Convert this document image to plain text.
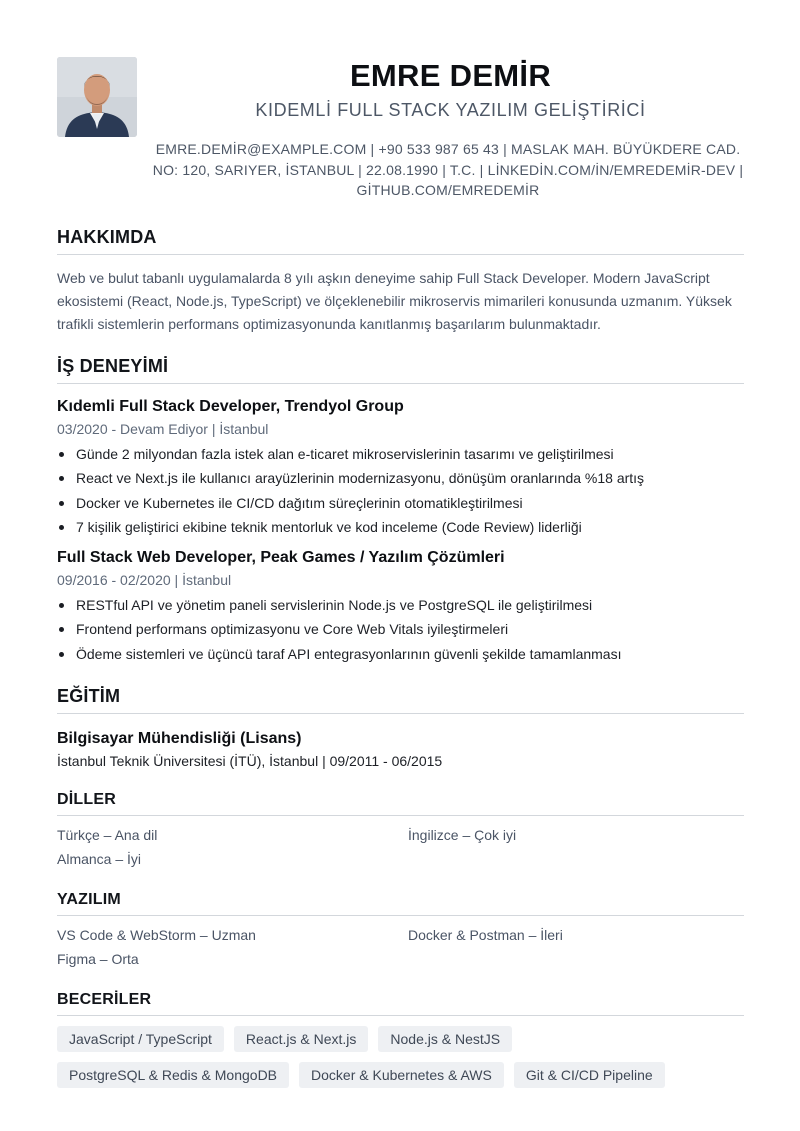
EMRE DEMİR
KIDEMLİ FULL STACK YAZILIM GELİŞTİRİCİ
EMRE.DEMİR@EXAMPLE.COM | +90 533 987 65 43 | MASLAK MAH. BÜYÜKDERE CAD. NO: 120, SARIYER, İSTANBUL | 22.08.1990 | T.C. | LİNKEDİN.COM/İN/EMREDEMİR-DEV | GİTHUB.COM/EMREDEMİR
HAKKIMDA
Web ve bulut tabanlı uygulamalarda 8 yılı aşkın deneyime sahip Full Stack Developer. Modern JavaScript ekosistemi (React, Node.js, TypeScript) ve ölçeklenebilir mikroservis mimarileri konusunda uzmanım. Yüksek trafikli sistemlerin performans optimizasyonunda kanıtlanmış başarılarım bulunmaktadır.
İŞ DENEYİMİ
Kıdemli Full Stack Developer, Trendyol Group
03/2020 - Devam Ediyor | İstanbul
Günde 2 milyondan fazla istek alan e-ticaret mikroservislerinin tasarımı ve geliştirilmesi
React ve Next.js ile kullanıcı arayüzlerinin modernizasyonu, dönüşüm oranlarında %18 artış
Docker ve Kubernetes ile CI/CD dağıtım süreçlerinin otomatikleştirilmesi
7 kişilik geliştirici ekibine teknik mentorluk ve kod inceleme (Code Review) liderliği
Full Stack Web Developer, Peak Games / Yazılım Çözümleri
09/2016 - 02/2020 | İstanbul
RESTful API ve yönetim paneli servislerinin Node.js ve PostgreSQL ile geliştirilmesi
Frontend performans optimizasyonu ve Core Web Vitals iyileştirmeleri
Ödeme sistemleri ve üçüncü taraf API entegrasyonlarının güvenli şekilde tamamlanması
EĞİTİM
Bilgisayar Mühendisliği (Lisans)
İstanbul Teknik Üniversitesi (İTÜ), İstanbul | 09/2011 - 06/2015
DİLLER
Türkçe – Ana dil	İngilizce – Çok iyi
Almanca – İyi
YAZILIM
VS Code & WebStorm – Uzman	Docker & Postman – İleri
Figma – Orta
BECERİLER
JavaScript / TypeScript	React.js & Next.js	Node.js & NestJS
PostgreSQL & Redis & MongoDB	Docker & Kubernetes & AWS	Git & CI/CD Pipeline
